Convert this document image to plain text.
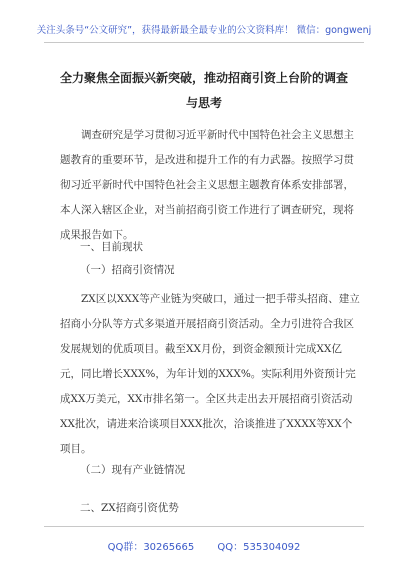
关注头条号“公文研究”，获得最新最全最专业的公文资料库！ 微信：gongwenj
全力聚焦全面振兴新突破，推动招商引资上台阶的调查与思考
调查研究是学习贯彻习近平新时代中国特色社会主义思想主题教育的重要环节，是改进和提升工作的有力武器。按照学习贯彻习近平新时代中国特色社会主义思想主题教育体系安排部署，本人深入辖区企业，对当前招商引资工作进行了调查研究，现将成果报告如下。
一、目前现状
（一）招商引资情况
ZX区以XXX等产业链为突破口，通过一把手带头招商、建立招商小分队等方式多渠道开展招商引资活动。全力引进符合我区发展规划的优质项目。截至XX月份，到资金额预计完成XX亿元，同比增长XXX%，为年计划的XXX%。实际利用外资预计完成XX万美元，XX市排名第一。全区共走出去开展招商引资活动XX批次，请进来洽谈项目XXX批次，洽谈推进了XXXX等XX个项目。
（二）现有产业链情况
二、ZX招商引资优势
QQ群：30265665 QQ：535304092
